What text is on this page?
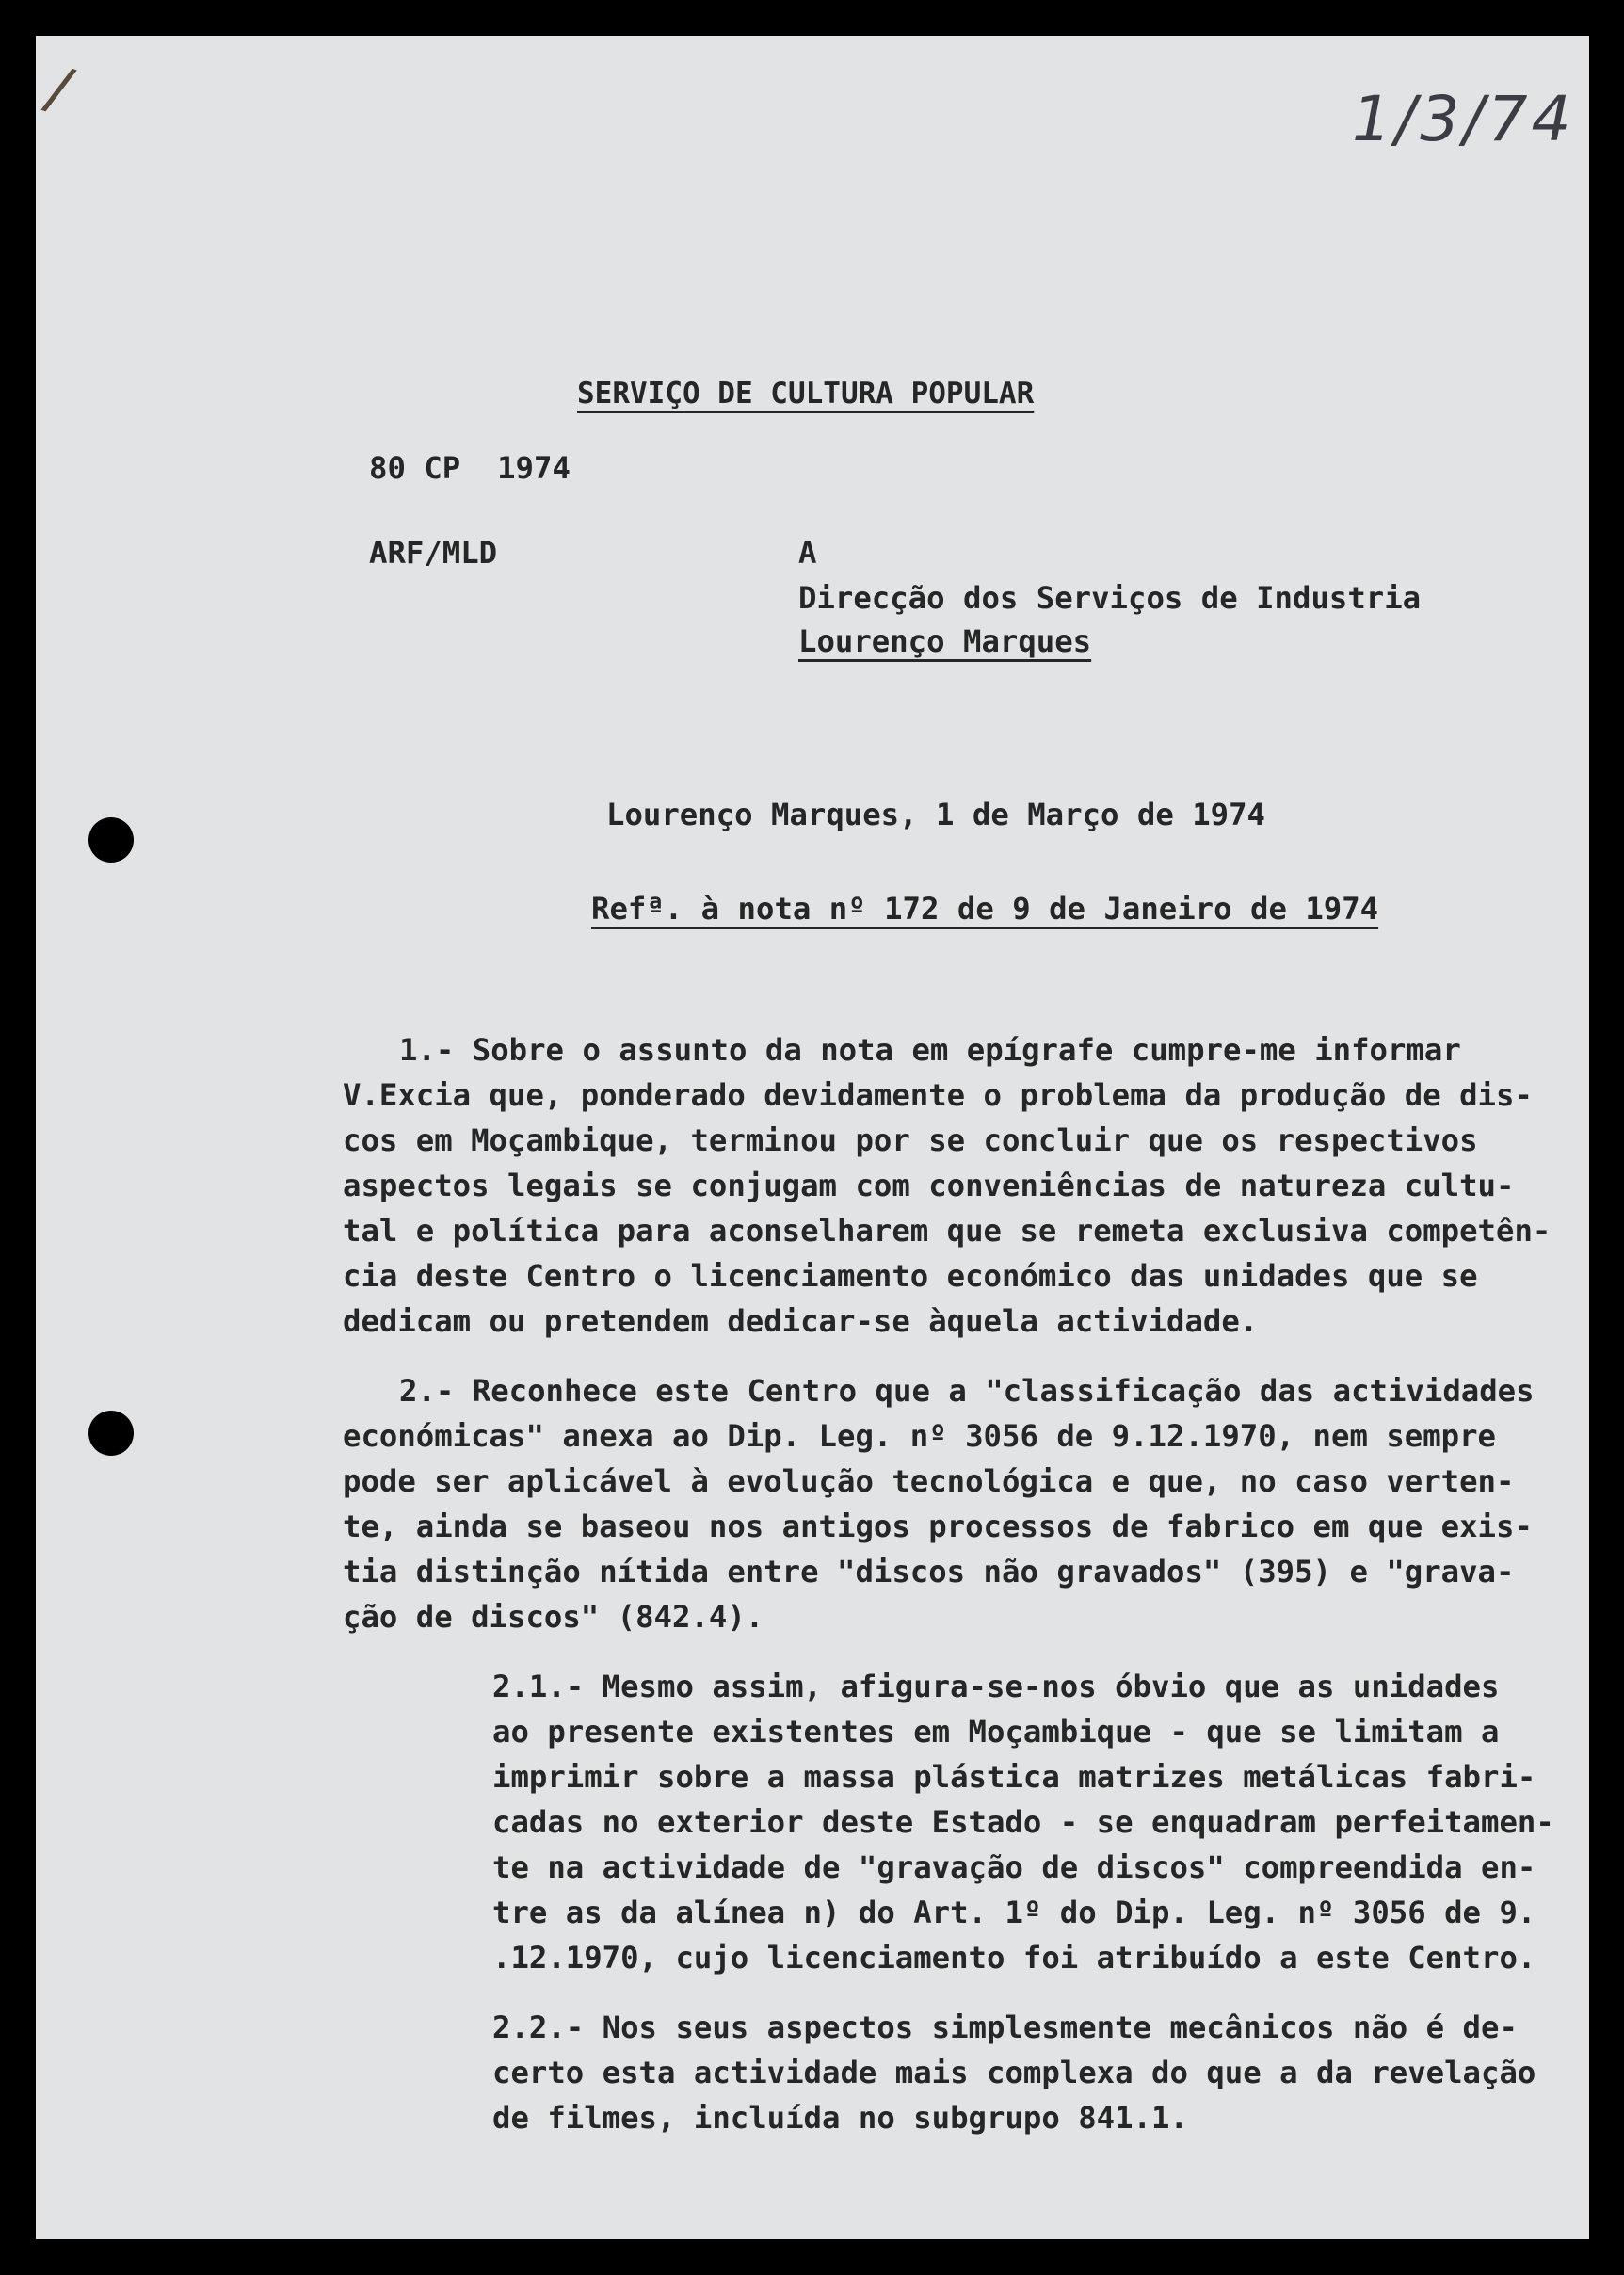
/	1/3/74
SERVIÇO DE CULTURA POPULAR
80 CP  1974
ARF/MLD	A
Direcção dos Serviços de Industria
Lourenço Marques
Lourenço Marques, 1 de Março de 1974
Refª. à nota nº 172 de 9 de Janeiro de 1974
1.- Sobre o assunto da nota em epígrafe cumpre-me informar
V.Excia que, ponderado devidamente o problema da produção de dis-
cos em Moçambique, terminou por se concluir que os respectivos
aspectos legais se conjugam com conveniências de natureza cultu-
tal e política para aconselharem que se remeta exclusiva competên-
cia deste Centro o licenciamento económico das unidades que se
dedicam ou pretendem dedicar-se àquela actividade.
2.- Reconhece este Centro que a "classificação das actividades
económicas" anexa ao Dip. Leg. nº 3056 de 9.12.1970, nem sempre
pode ser aplicável à evolução tecnológica e que, no caso verten-
te, ainda se baseou nos antigos processos de fabrico em que exis-
tia distinção nítida entre "discos não gravados" (395) e "grava-
ção de discos" (842.4).
2.1.- Mesmo assim, afigura-se-nos óbvio que as unidades
ao presente existentes em Moçambique - que se limitam a
imprimir sobre a massa plástica matrizes metálicas fabri-
cadas no exterior deste Estado - se enquadram perfeitamen-
te na actividade de "gravação de discos" compreendida en-
tre as da alínea n) do Art. 1º do Dip. Leg. nº 3056 de 9.
.12.1970, cujo licenciamento foi atribuído a este Centro.
2.2.- Nos seus aspectos simplesmente mecânicos não é de-
certo esta actividade mais complexa do que a da revelação
de filmes, incluída no subgrupo 841.1.
